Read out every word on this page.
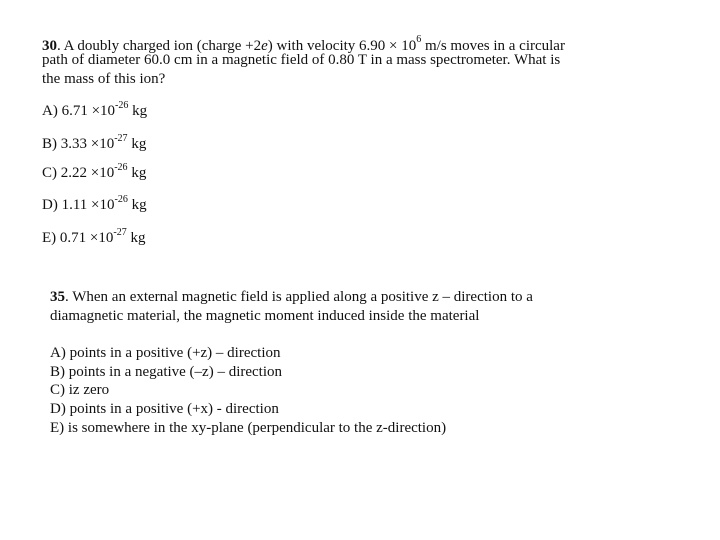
30. A doubly charged ion (charge +2e) with velocity $6.90 \times 10^6$ m/s moves in a circular
path of diameter 60.0 cm in a magnetic field of 0.80 T in a mass spectrometer. What is
the mass of this ion?
A) $6.71 \times 10^{-26}$ kg
B) $3.33 \times 10^{-27}$ kg
C) $2.22 \times 10^{-26}$ kg
D) $1.11 \times 10^{-26}$ kg
E) $0.71 \times 10^{-27}$ kg
35. When an external magnetic field is applied along a positive z – direction to a
diamagnetic material, the magnetic moment induced inside the material
A) points in a positive (+z) – direction
B) points in a negative (–z) – direction
C) iz zero
D) points in a positive (+x) - direction
E) is somewhere in the xy-plane (perpendicular to the z-direction)
